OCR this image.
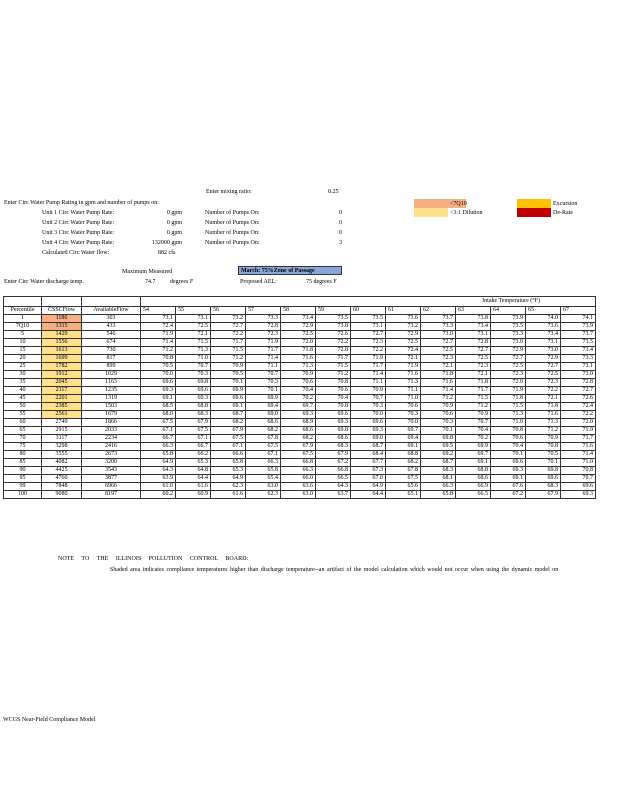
Enter mixing ratio:	0.25
<7Q10
<3:1 Dilution
Excursion
De-Rate
Enter Circ Water Pump Rating in gpm and number of pumps on:
Unit 1 Circ Water Pump Rate:	0 gpm	Number of Pumps On:	0
Unit 2 Circ Water Pump Rate:	0 gpm	Number of Pumps On:	0
Unit 3 Circ Water Pump Rate:	0 gpm	Number of Pumps On:	0
Unit 4 Circ Water Pump Rate:	132000 gpm	Number of Pumps On:	3
Calculated Circ Water flow:	882 cfs
Maximum Measured	March: 75%Zone of Passage
Enter Circ Water discharge temp.	74.7 degrees F	Proposed AEL:	75 degrees F
			Intake Temperature (°F)												
Percentile	CSSCFlow	AvailableFlow	54	55	56	57	58	59	60	61	62	63	64	65	67
1	1186	303	73.1	73.1	73.2	73.3	73.4	73.5	73.5	73.6	73.7	73.8	73.9	74.0	74.1
7Q10	1315	433	72.4	72.5	72.7	72.8	72.9	73.0	73.1	73.2	73.3	73.4	73.5	73.6	73.9
5	1429	546	71.9	72.1	72.2	72.3	72.5	72.6	72.7	72.9	73.0	73.1	73.3	73.4	73.7
10	1556	674	71.4	71.5	71.7	71.9	72.0	72.2	72.3	72.5	72.7	72.8	73.0	73.1	73.5
15	1613	730	71.2	71.3	71.5	71.7	71.8	72.0	72.2	72.4	72.5	72.7	72.9	73.0	73.4
20	1699	817	70.8	71.0	71.2	71.4	71.6	71.7	71.9	72.1	72.3	72.5	72.7	72.9	73.3
25	1782	899	70.5	70.7	70.9	71.1	71.3	71.5	71.7	71.9	72.1	72.3	72.5	72.7	73.1
30	1912	1029	70.0	70.3	70.5	70.7	70.9	71.2	71.4	71.6	71.8	72.1	72.3	72.5	73.0
35	2045	1163	69.6	69.8	70.1	70.3	70.6	70.8	71.1	71.3	71.6	71.8	72.0	72.3	72.8
40	2117	1235	69.3	69.6	69.9	70.1	70.4	70.6	70.9	71.1	71.4	71.7	71.9	72.2	72.7
45	2201	1319	69.1	69.3	69.6	69.9	70.2	70.4	70.7	71.0	71.2	71.5	71.8	72.1	72.6
50	2385	1503	68.5	68.8	69.1	69.4	69.7	70.0	70.3	70.6	70.9	71.2	71.5	71.8	72.4
55	2561	1679	68.0	68.3	68.7	69.0	69.3	69.6	70.0	70.3	70.6	70.9	71.3	71.6	72.2
60	2749	1866	67.5	67.9	68.2	68.6	68.9	69.3	69.6	70.0	70.3	70.7	71.0	71.3	72.0
65	2915	2033	67.1	67.5	67.9	68.2	68.6	69.0	69.3	69.7	70.1	70.4	70.8	71.2	71.9
70	3117	2234	66.7	67.1	67.5	67.8	68.2	68.6	69.0	69.4	69.8	70.2	70.6	70.9	71.7
75	3298	2416	66.3	66.7	67.1	67.5	67.9	68.3	68.7	69.1	69.5	69.9	70.4	70.8	71.6
80	3555	2673	65.8	66.2	66.6	67.1	67.5	67.9	68.4	68.8	69.2	69.7	70.1	70.5	71.4
85	4082	3200	64.9	65.3	65.8	66.3	66.8	67.2	67.7	68.2	68.7	69.1	69.6	70.1	71.0
90	4425	3543	64.3	64.8	65.3	65.8	66.3	66.8	67.3	67.8	68.3	68.8	69.3	69.8	70.8
95	4760	3877	63.9	64.4	64.9	65.4	66.0	66.5	67.0	67.5	68.1	68.6	69.1	69.6	70.7
99	7848	6966	61.0	61.6	62.3	63.0	63.6	64.3	64.9	65.6	66.3	66.9	67.6	68.3	69.6
100	9080	8197	60.2	60.9	61.6	62.3	63.0	63.7	64.4	65.1	65.8	66.5	67.2	67.9	69.3
NOTE TO THE ILLINOIS POLLUTION CONTROL BOARD:
Shaded area indicates compliance temperatures higher than discharge temperature--an artifact of the model calculation which would not occur when using the dynamic model on
WCGS Near-Field Compliance Model
